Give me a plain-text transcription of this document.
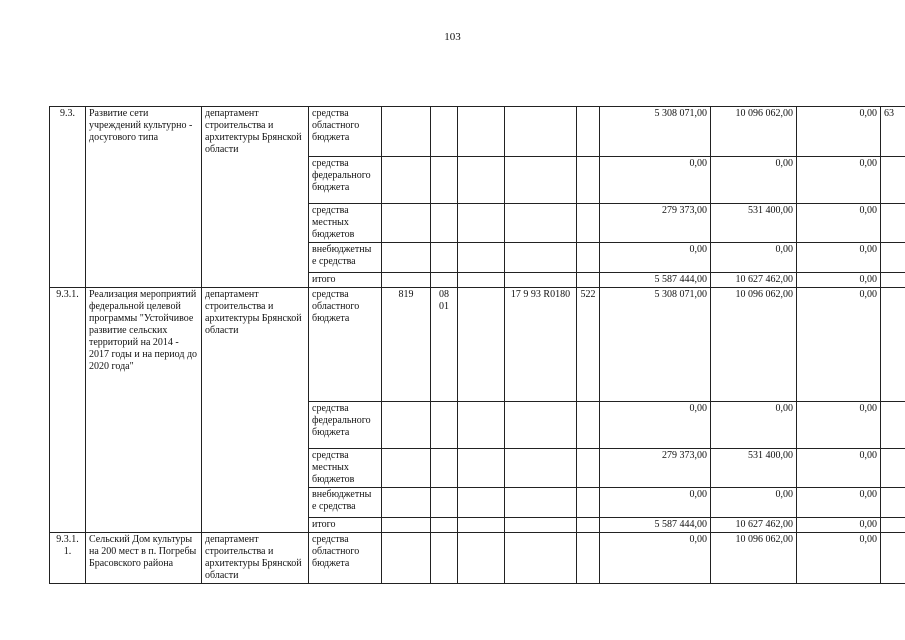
103
9.3.	Развитие сети учреждений культурно - досугового типа	департамент строительства и архитектуры Брянской области	средства областного бюджета						5 308 071,00	10 096 062,00	0,00	63
			средства федерального бюджета						0,00	0,00	0,00	
			средства местных бюджетов						279 373,00	531 400,00	0,00	
			внебюджетны е средства						0,00	0,00	0,00	
			итого						5 587 444,00	10 627 462,00	0,00	
9.3.1.	Реализация мероприятий федеральной целевой программы "Устойчивое развитие сельских территорий на 2014 - 2017 годы и на период до 2020 года"	департамент строительства и архитектуры Брянской области	средства областного бюджета	819	08 01		17 9 93 R0180	522	5 308 071,00	10 096 062,00	0,00	
			средства федерального бюджета						0,00	0,00	0,00	
			средства местных бюджетов						279 373,00	531 400,00	0,00	
			внебюджетны е средства						0,00	0,00	0,00	
			итого						5 587 444,00	10 627 462,00	0,00	
9.3.1. 1.	Сельский Дом культуры на 200 мест в п. Погребы Брасовского района	департамент строительства и архитектуры Брянской области	средства областного бюджета						0,00	10 096 062,00	0,00	
